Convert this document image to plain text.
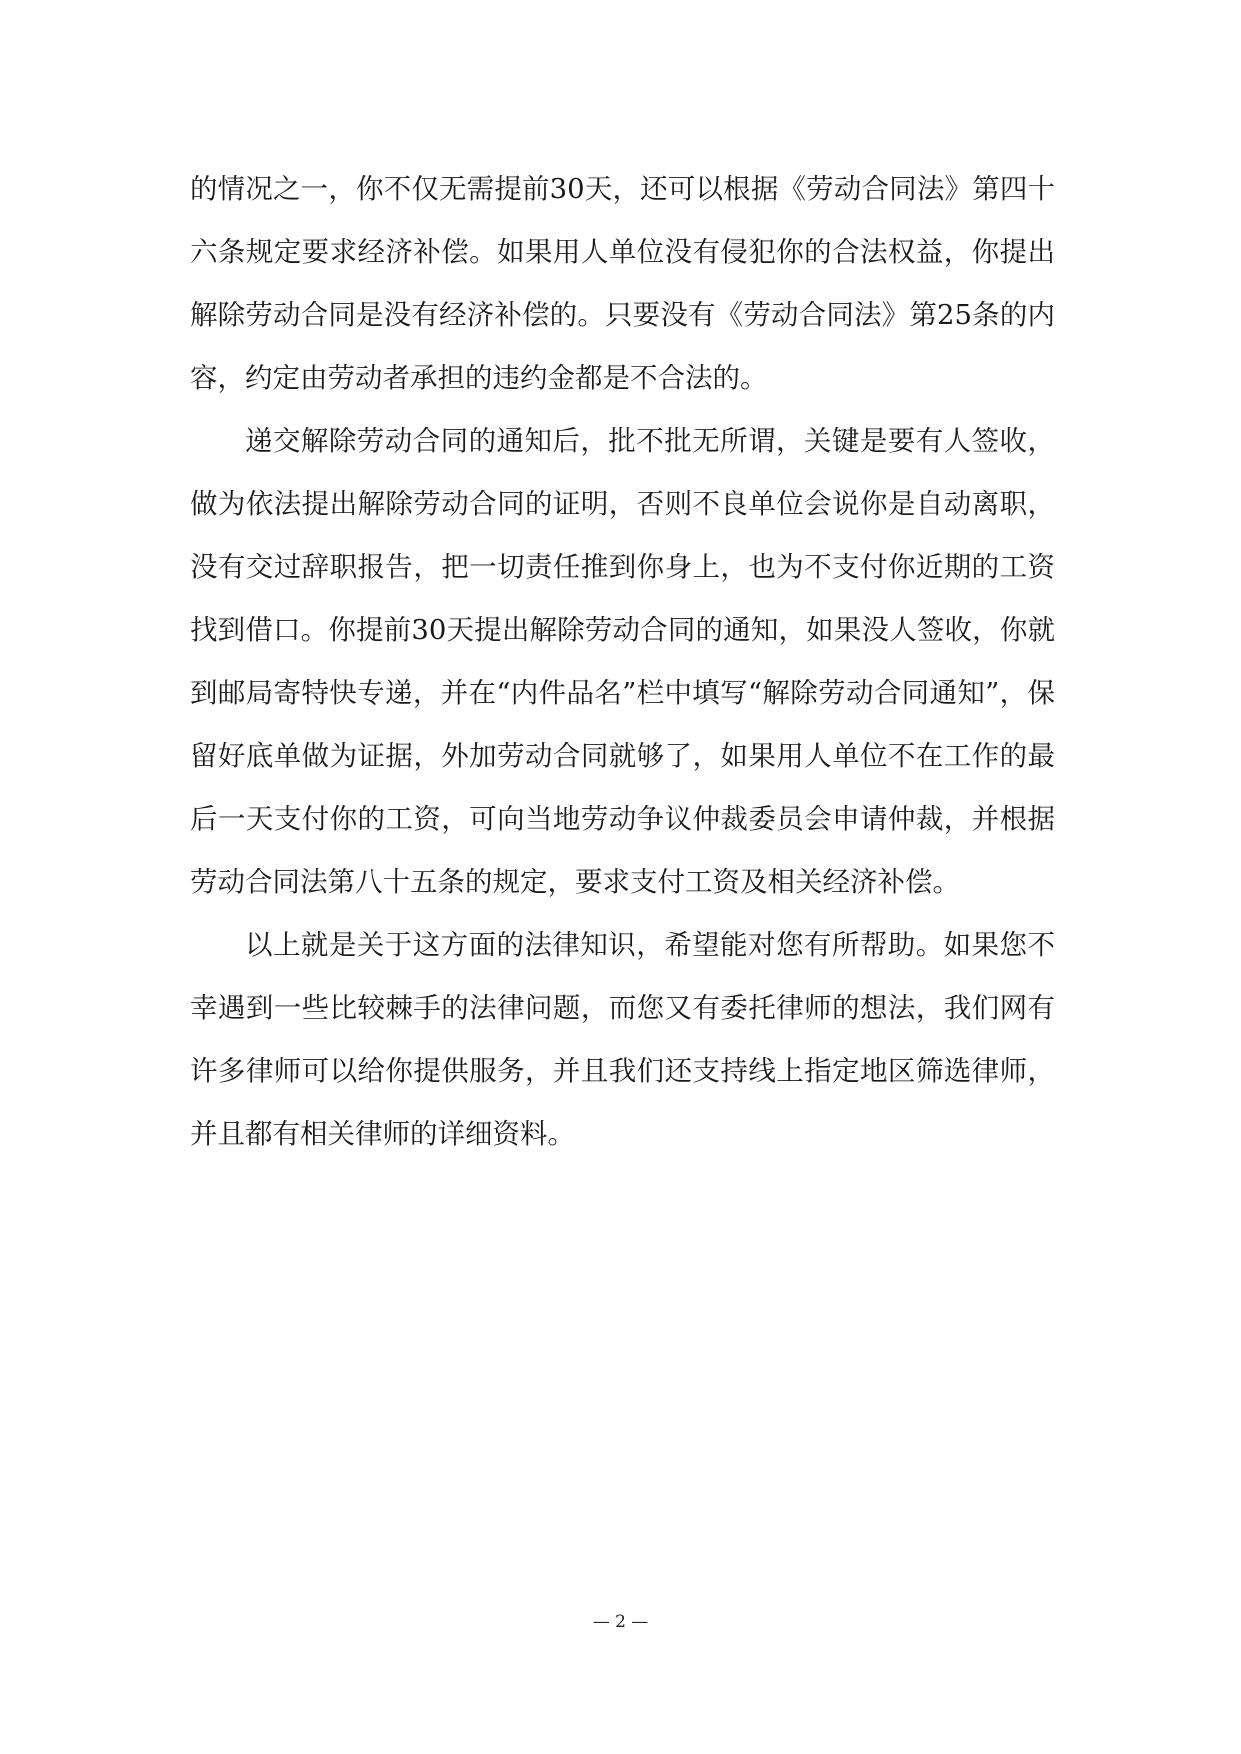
的情况之一，你不仅无需提前30天，还可以根据《劳动合同法》第四十六条规定要求经济补偿。如果用人单位没有侵犯你的合法权益，你提出解除劳动合同是没有经济补偿的。只要没有《劳动合同法》第25条的内容，约定由劳动者承担的违约金都是不合法的。

递交解除劳动合同的通知后，批不批无所谓，关键是要有人签收，做为依法提出解除劳动合同的证明，否则不良单位会说你是自动离职，没有交过辞职报告，把一切责任推到你身上，也为不支付你近期的工资找到借口。你提前30天提出解除劳动合同的通知，如果没人签收，你就到邮局寄特快专递，并在“内件品名”栏中填写“解除劳动合同通知”，保留好底单做为证据，外加劳动合同就够了，如果用人单位不在工作的最后一天支付你的工资，可向当地劳动争议仲裁委员会申请仲裁，并根据劳动合同法第八十五条的规定，要求支付工资及相关经济补偿。

以上就是关于这方面的法律知识，希望能对您有所帮助。如果您不幸遇到一些比较棘手的法律问题，而您又有委托律师的想法，我们网有许多律师可以给你提供服务，并且我们还支持线上指定地区筛选律师，并且都有相关律师的详细资料。

— 2 —
